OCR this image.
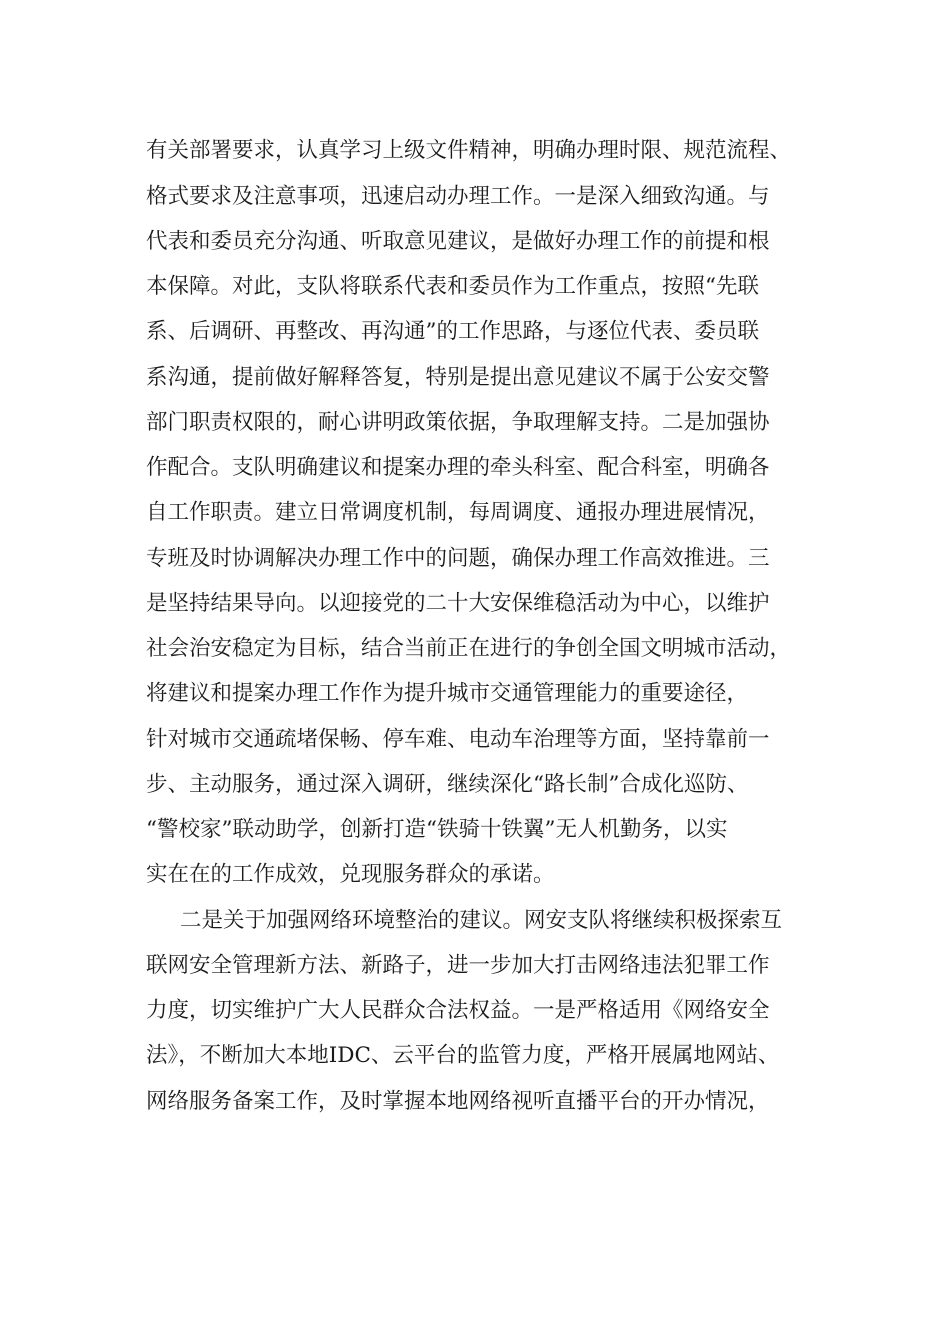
有关部署要求，认真学习上级文件精神，明确办理时限、规范流程、
格式要求及注意事项，迅速启动办理工作。一是深入细致沟通。与
代表和委员充分沟通、听取意见建议，是做好办理工作的前提和根
本保障。对此，支队将联系代表和委员作为工作重点，按照“先联
系、后调研、再整改、再沟通”的工作思路，与逐位代表、委员联
系沟通，提前做好解释答复，特别是提出意见建议不属于公安交警
部门职责权限的，耐心讲明政策依据，争取理解支持。二是加强协
作配合。支队明确建议和提案办理的牵头科室、配合科室，明确各
自工作职责。建立日常调度机制，每周调度、通报办理进展情况，
专班及时协调解决办理工作中的问题，确保办理工作高效推进。三
是坚持结果导向。以迎接党的二十大安保维稳活动为中心，以维护
社会治安稳定为目标，结合当前正在进行的争创全国文明城市活动，
将建议和提案办理工作作为提升城市交通管理能力的重要途径，
针对城市交通疏堵保畅、停车难、电动车治理等方面，坚持靠前一
步、主动服务，通过深入调研，继续深化“路长制”合成化巡防、
“警校家”联动助学，创新打造“铁骑十铁翼”无人机勤务，以实
实在在的工作成效，兑现服务群众的承诺。
二是关于加强网络环境整治的建议。网安支队将继续积极探索互
联网安全管理新方法、新路子，进一步加大打击网络违法犯罪工作
力度，切实维护广大人民群众合法权益。一是严格适用《网络安全
法》，不断加大本地IDC、云平台的监管力度，严格开展属地网站、
网络服务备案工作，及时掌握本地网络视听直播平台的开办情况，
